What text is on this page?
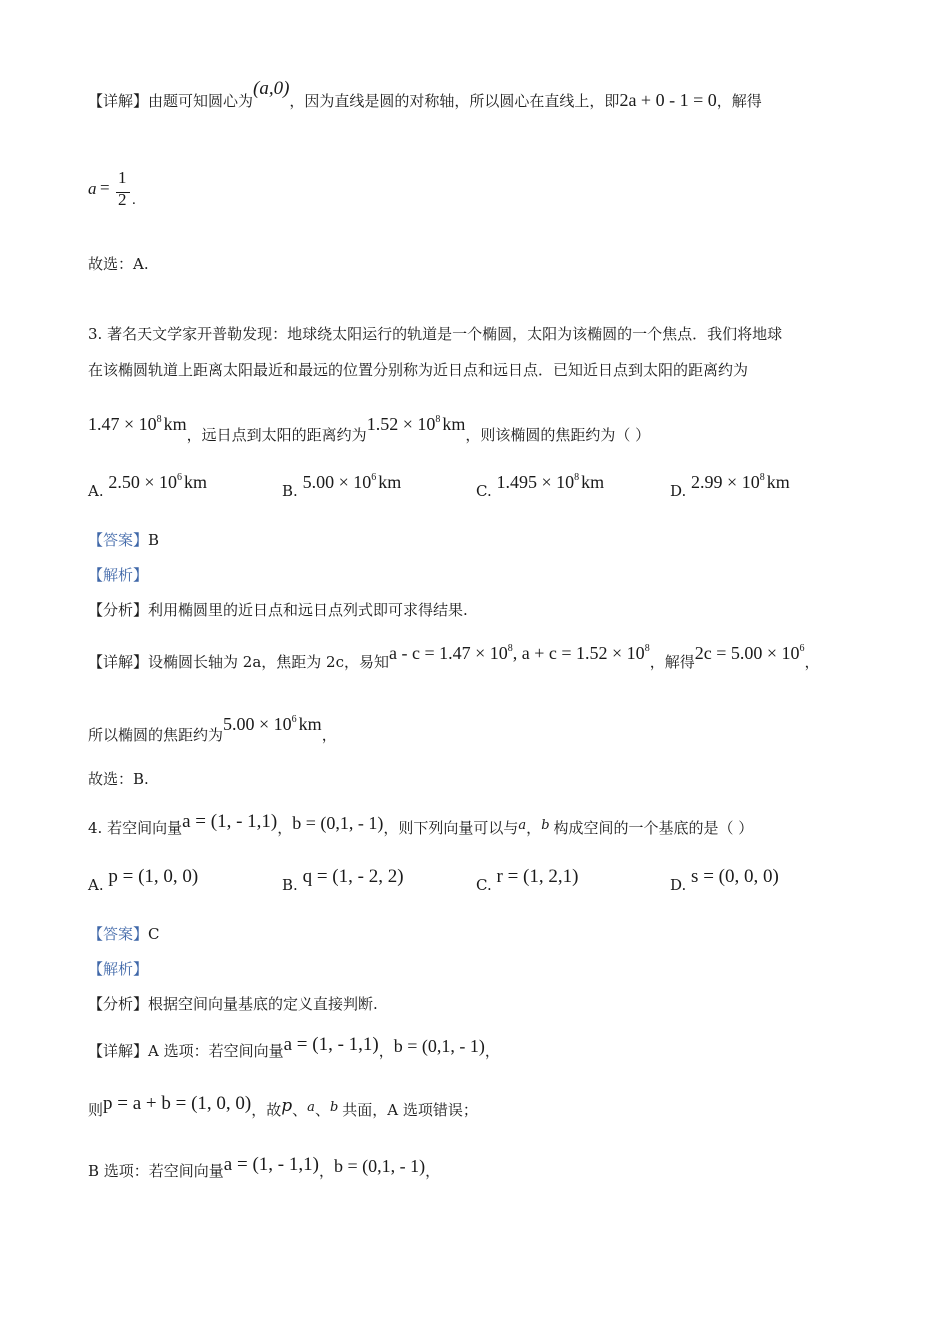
【详解】由题可知圆心为(a,0)，因为直线是圆的对称轴，所以圆心在直线上，即2a + 0 - 1 = 0，解得
a =
1
2 .
故选：A.
3. 著名天文学家开普勒发现：地球绕太阳运行的轨道是一个椭圆，太阳为该椭圆的一个焦点．我们将地球
在该椭圆轨道上距离太阳最近和最远的位置分别称为近日点和远日点．已知近日点到太阳的距离约为
$1.47 \times 10^8$ km，远日点到太阳的距离约为$1.52 \times 10^8$ km，则该椭圆的焦距约为（ ）
A. $2.50 \times 10^6$ km	B. $5.00 \times 10^6$ km	C. $1.495 \times 10^8$ km	D. $2.99 \times 10^8$ km
【答案】B
【解析】
【分析】利用椭圆里的近日点和远日点列式即可求得结果.
【详解】设椭圆长轴为 2a，焦距为 2c，易知$a - c = 1.47 \times 10^8$, $a + c = 1.52 \times 10^8$，解得$2c = 5.00 \times 10^6$，
所以椭圆的焦距约为$5.00 \times 10^6$ km，
故选：B.
4. 若空间向量a = (1, - 1,1)，b = (0,1, - 1)，则下列向量可以与a，b 构成空间的一个基底的是（ ）
A. p = (1, 0, 0)	B. q = (1, - 2, 2)	C. r = (1, 2,1)	D. s = (0, 0, 0)
【答案】C
【解析】
【分析】根据空间向量基底的定义直接判断.
【详解】A 选项：若空间向量a = (1, - 1,1)，b = (0,1, - 1)，
则p = a + b = (1, 0, 0)，故p、a、b 共面，A 选项错误；
B 选项：若空间向量a = (1, - 1,1)，b = (0,1, - 1)，
